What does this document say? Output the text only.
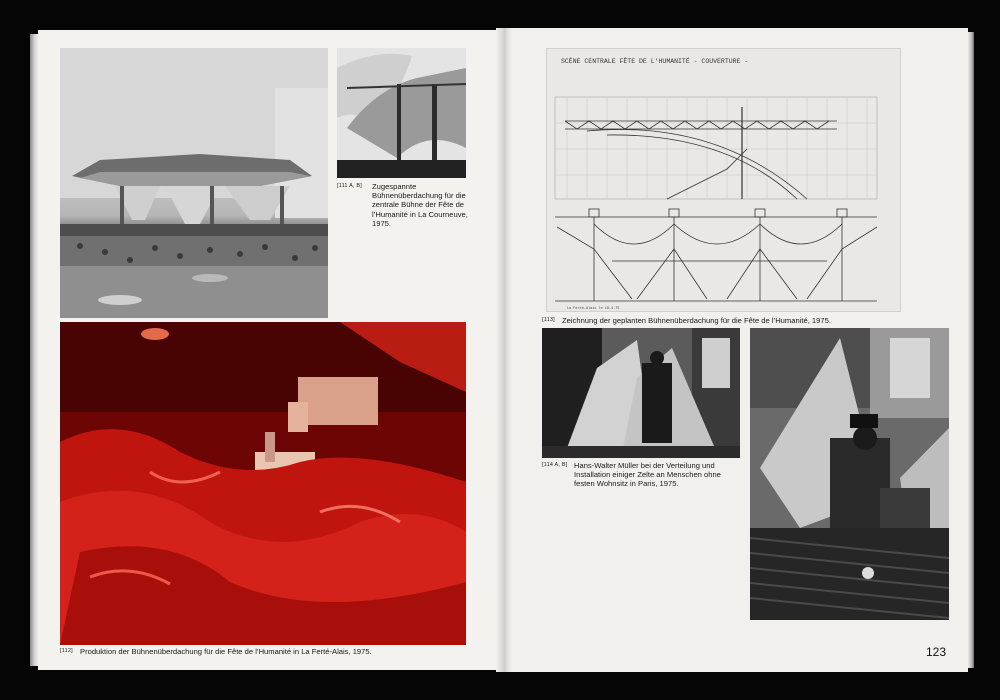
[111 A, B] Zugespannte Bühnenüberdachung für die zentrale Bühne der Fête de l’Humanité in La Courneuve, 1975.
[112] Produktion der Bühnenüberdachung für die Fête de l’Humanité in La Ferté-Alais, 1975.
SCÈNE CENTRALE FÊTE DE L'HUMANITÉ - COUVERTURE -
La Ferté-Alais le 18.4.75
[113] Zeichnung der geplanten Bühnenüberdachung für die Fête de l’Humanité, 1975.
[114 A, B] Hans-Walter Müller bei der Verteilung und Installation einiger Zelte an Menschen ohne festen Wohnsitz in Paris, 1975.
123
